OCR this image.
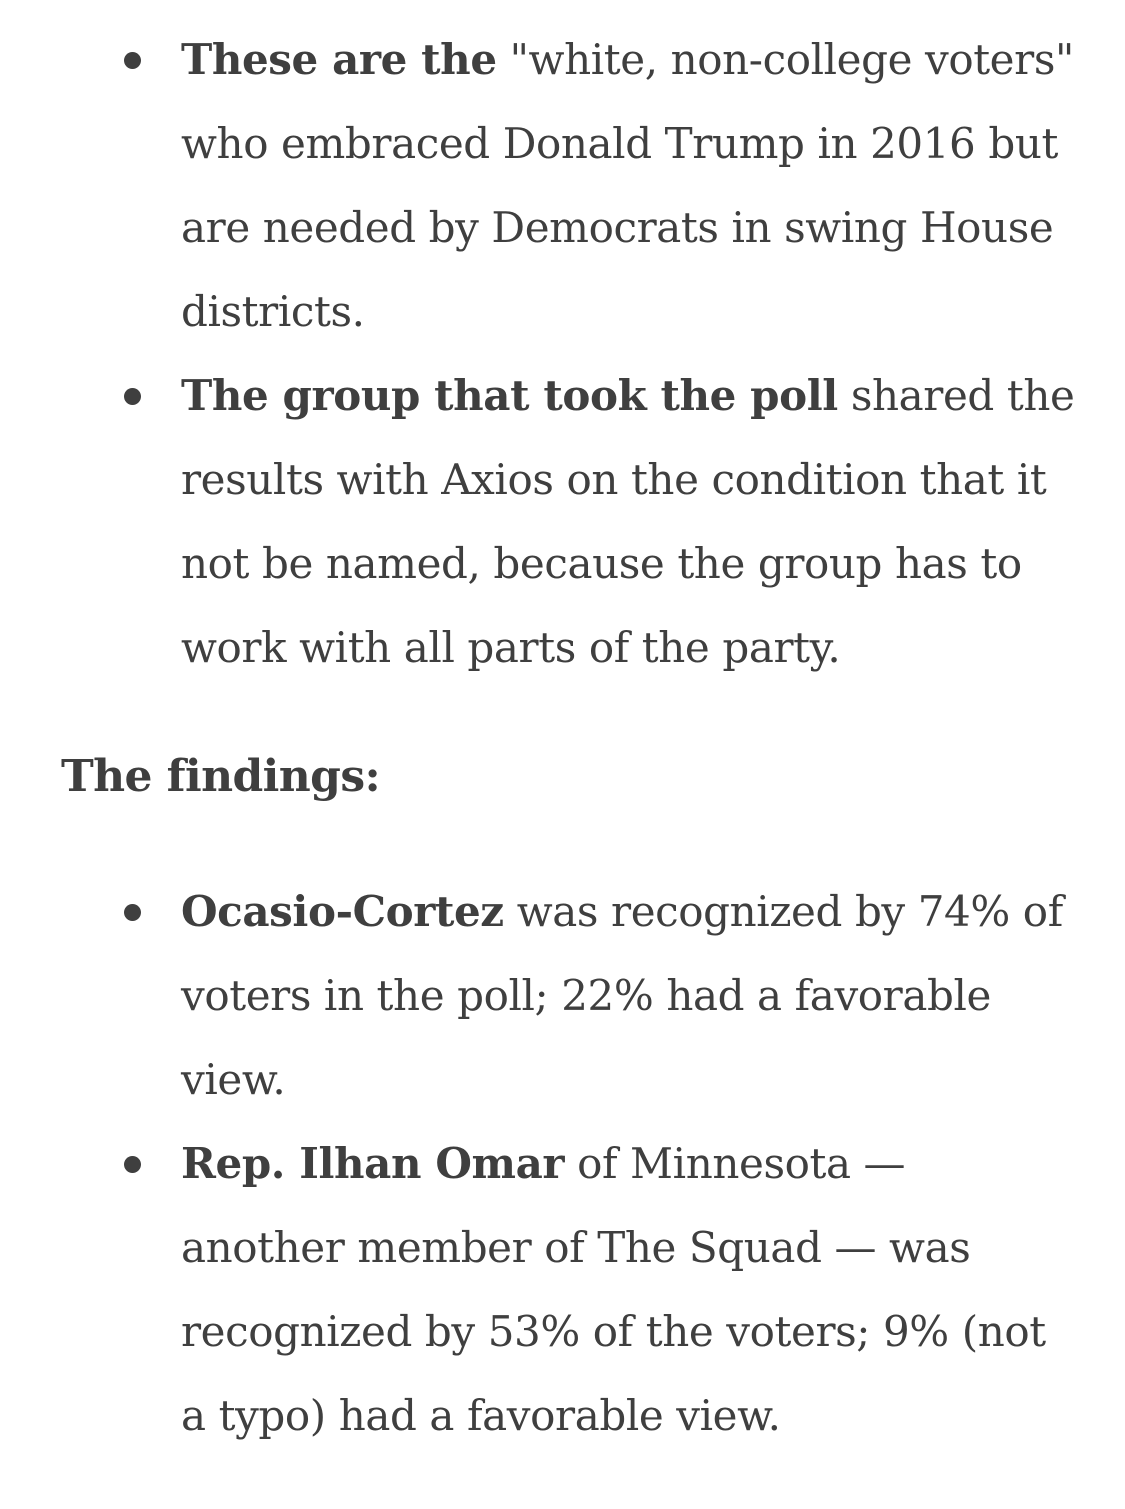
These are the "white, non-college voters" who embraced Donald Trump in 2016 but are needed by Democrats in swing House districts.
The group that took the poll shared the results with Axios on the condition that it not be named, because the group has to work with all parts of the party.
The findings:
Ocasio-Cortez was recognized by 74% of voters in the poll; 22% had a favorable view.
Rep. Ilhan Omar of Minnesota — another member of The Squad — was recognized by 53% of the voters; 9% (not a typo) had a favorable view.
